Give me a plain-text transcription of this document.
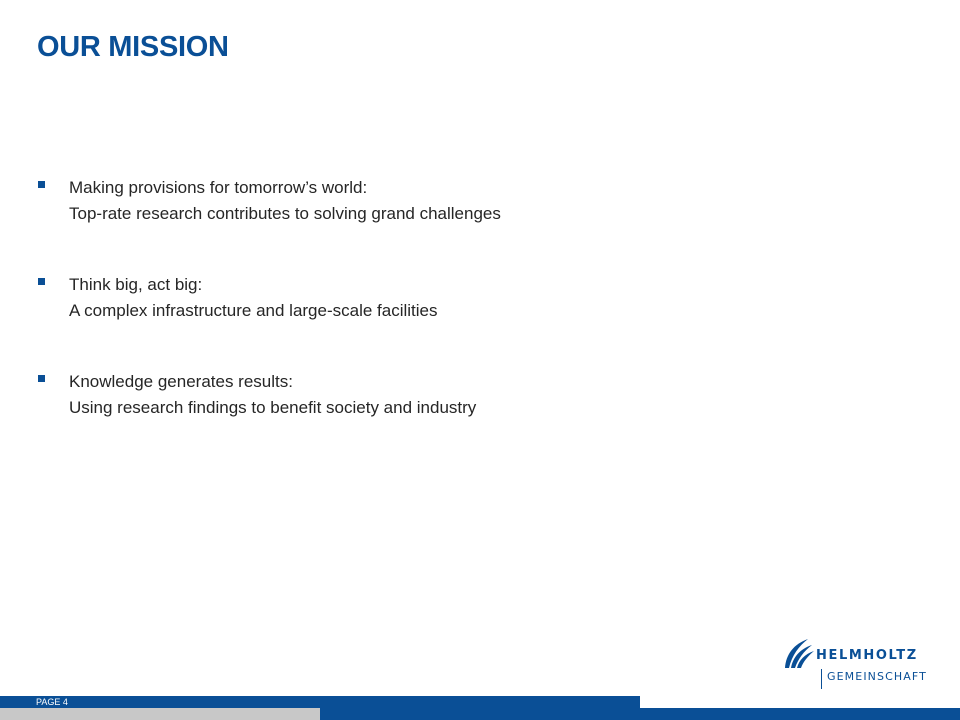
OUR MISSION
Making provisions for tomorrow’s world:
Top-rate research contributes to solving grand challenges
Think big, act big:
A complex infrastructure and large-scale facilities
Knowledge generates results:
Using research findings to benefit society and industry
HELMHOLTZ
GEMEINSCHAFT
PAGE 4
